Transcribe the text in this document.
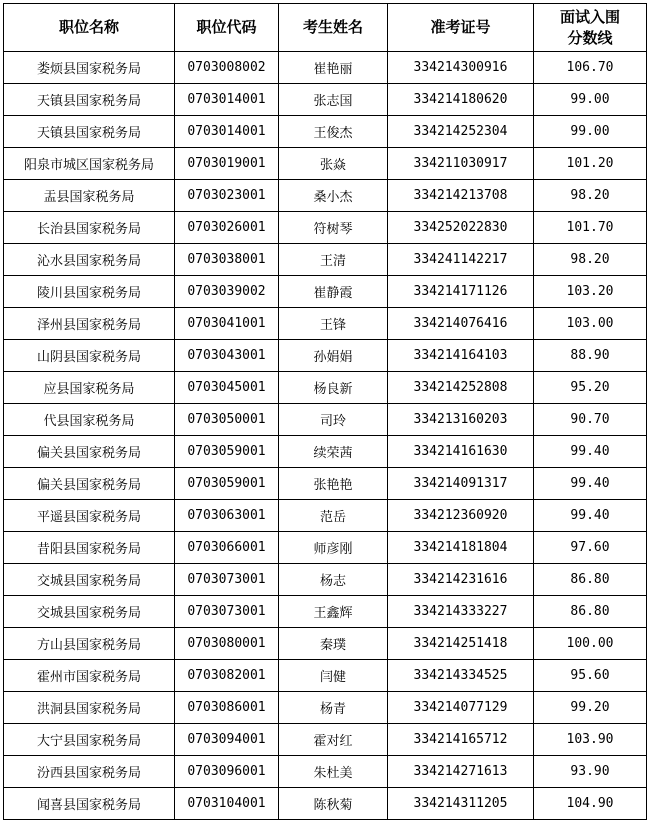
职位名称	职位代码	考生姓名	准考证号	面试入围
分数线
娄烦县国家税务局	0703008002	崔艳丽	334214300916	106.70
天镇县国家税务局	0703014001	张志国	334214180620	99.00
天镇县国家税务局	0703014001	王俊杰	334214252304	99.00
阳泉市城区国家税务局	0703019001	张焱	334211030917	101.20
盂县国家税务局	0703023001	桑小杰	334214213708	98.20
长治县国家税务局	0703026001	符树琴	334252022830	101.70
沁水县国家税务局	0703038001	王清	334241142217	98.20
陵川县国家税务局	0703039002	崔静霞	334214171126	103.20
泽州县国家税务局	0703041001	王锋	334214076416	103.00
山阴县国家税务局	0703043001	孙娟娟	334214164103	88.90
应县国家税务局	0703045001	杨良新	334214252808	95.20
代县国家税务局	0703050001	司玲	334213160203	90.70
偏关县国家税务局	0703059001	续荣茜	334214161630	99.40
偏关县国家税务局	0703059001	张艳艳	334214091317	99.40
平遥县国家税务局	0703063001	范岳	334212360920	99.40
昔阳县国家税务局	0703066001	师彦刚	334214181804	97.60
交城县国家税务局	0703073001	杨志	334214231616	86.80
交城县国家税务局	0703073001	王鑫辉	334214333227	86.80
方山县国家税务局	0703080001	秦璞	334214251418	100.00
霍州市国家税务局	0703082001	闫健	334214334525	95.60
洪洞县国家税务局	0703086001	杨青	334214077129	99.20
大宁县国家税务局	0703094001	霍对红	334214165712	103.90
汾西县国家税务局	0703096001	朱杜美	334214271613	93.90
闻喜县国家税务局	0703104001	陈秋菊	334214311205	104.90
